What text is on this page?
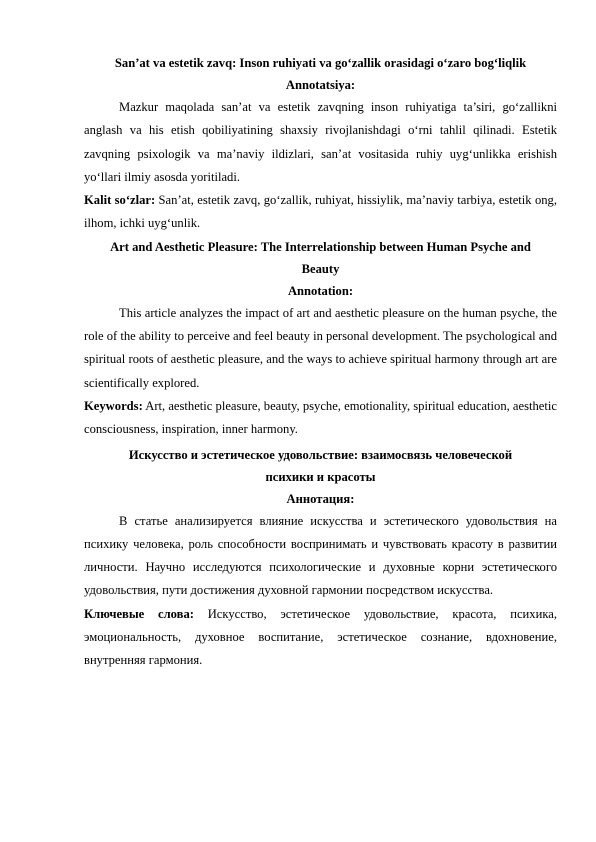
San’at va estetik zavq: Inson ruhiyati va go‘zallik orasidagi o‘zaro bog‘liqlik

Annotatsiya:

Mazkur maqolada san’at va estetik zavqning inson ruhiyatiga ta’siri, go‘zallikni anglash va his etish qobiliyatining shaxsiy rivojlanishdagi o‘rni tahlil qilinadi. Estetik zavqning psixologik va ma’naviy ildizlari, san’at vositasida ruhiy uyg‘unlikka erishish yo‘llari ilmiy asosda yoritiladi.

Kalit so‘zlar: San’at, estetik zavq, go‘zallik, ruhiyat, hissiylik, ma’naviy tarbiya, estetik ong, ilhom, ichki uyg‘unlik.

Art and Aesthetic Pleasure: The Interrelationship between Human Psyche and Beauty

Annotation:

This article analyzes the impact of art and aesthetic pleasure on the human psyche, the role of the ability to perceive and feel beauty in personal development. The psychological and spiritual roots of aesthetic pleasure, and the ways to achieve spiritual harmony through art are scientifically explored.

Keywords: Art, aesthetic pleasure, beauty, psyche, emotionality, spiritual education, aesthetic consciousness, inspiration, inner harmony.

Искусство и эстетическое удовольствие: взаимосвязь человеческой психики и красоты

Аннотация:

В статье анализируется влияние искусства и эстетического удовольствия на психику человека, роль способности воспринимать и чувствовать красоту в развитии личности. Научно исследуются психологические и духовные корни эстетического удовольствия, пути достижения духовной гармонии посредством искусства.

Ключевые слова: Искусство, эстетическое удовольствие, красота, психика, эмоциональность, духовное воспитание, эстетическое сознание, вдохновение, внутренняя гармония.
